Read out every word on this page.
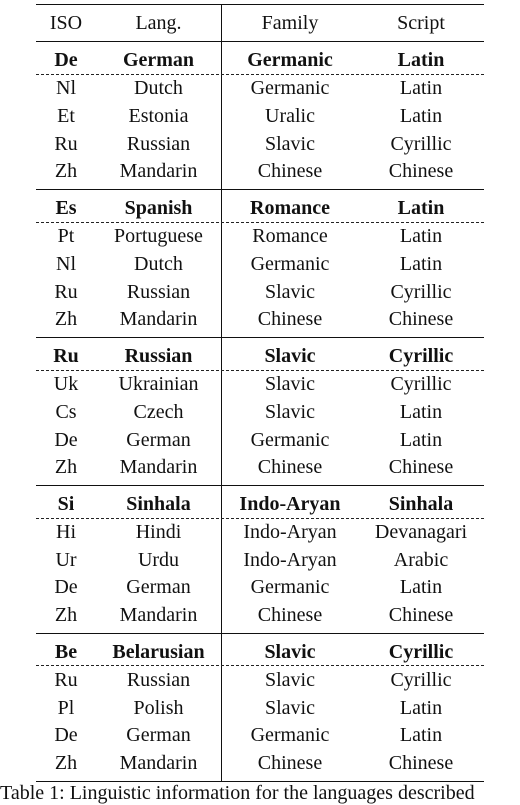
ISO	Lang.	Family	Script
De	German	Germanic	Latin
Nl	Dutch	Germanic	Latin
Et	Estonia	Uralic	Latin
Ru	Russian	Slavic	Cyrillic
Zh	Mandarin	Chinese	Chinese
Es	Spanish	Romance	Latin
Pt	Portuguese	Romance	Latin
Nl	Dutch	Germanic	Latin
Ru	Russian	Slavic	Cyrillic
Zh	Mandarin	Chinese	Chinese
Ru	Russian	Slavic	Cyrillic
Uk	Ukrainian	Slavic	Cyrillic
Cs	Czech	Slavic	Latin
De	German	Germanic	Latin
Zh	Mandarin	Chinese	Chinese
Si	Sinhala	Indo-Aryan	Sinhala
Hi	Hindi	Indo-Aryan	Devanagari
Ur	Urdu	Indo-Aryan	Arabic
De	German	Germanic	Latin
Zh	Mandarin	Chinese	Chinese
Be	Belarusian	Slavic	Cyrillic
Ru	Russian	Slavic	Cyrillic
Pl	Polish	Slavic	Latin
De	German	Germanic	Latin
Zh	Mandarin	Chinese	Chinese
Table 1: Linguistic information for the languages described
